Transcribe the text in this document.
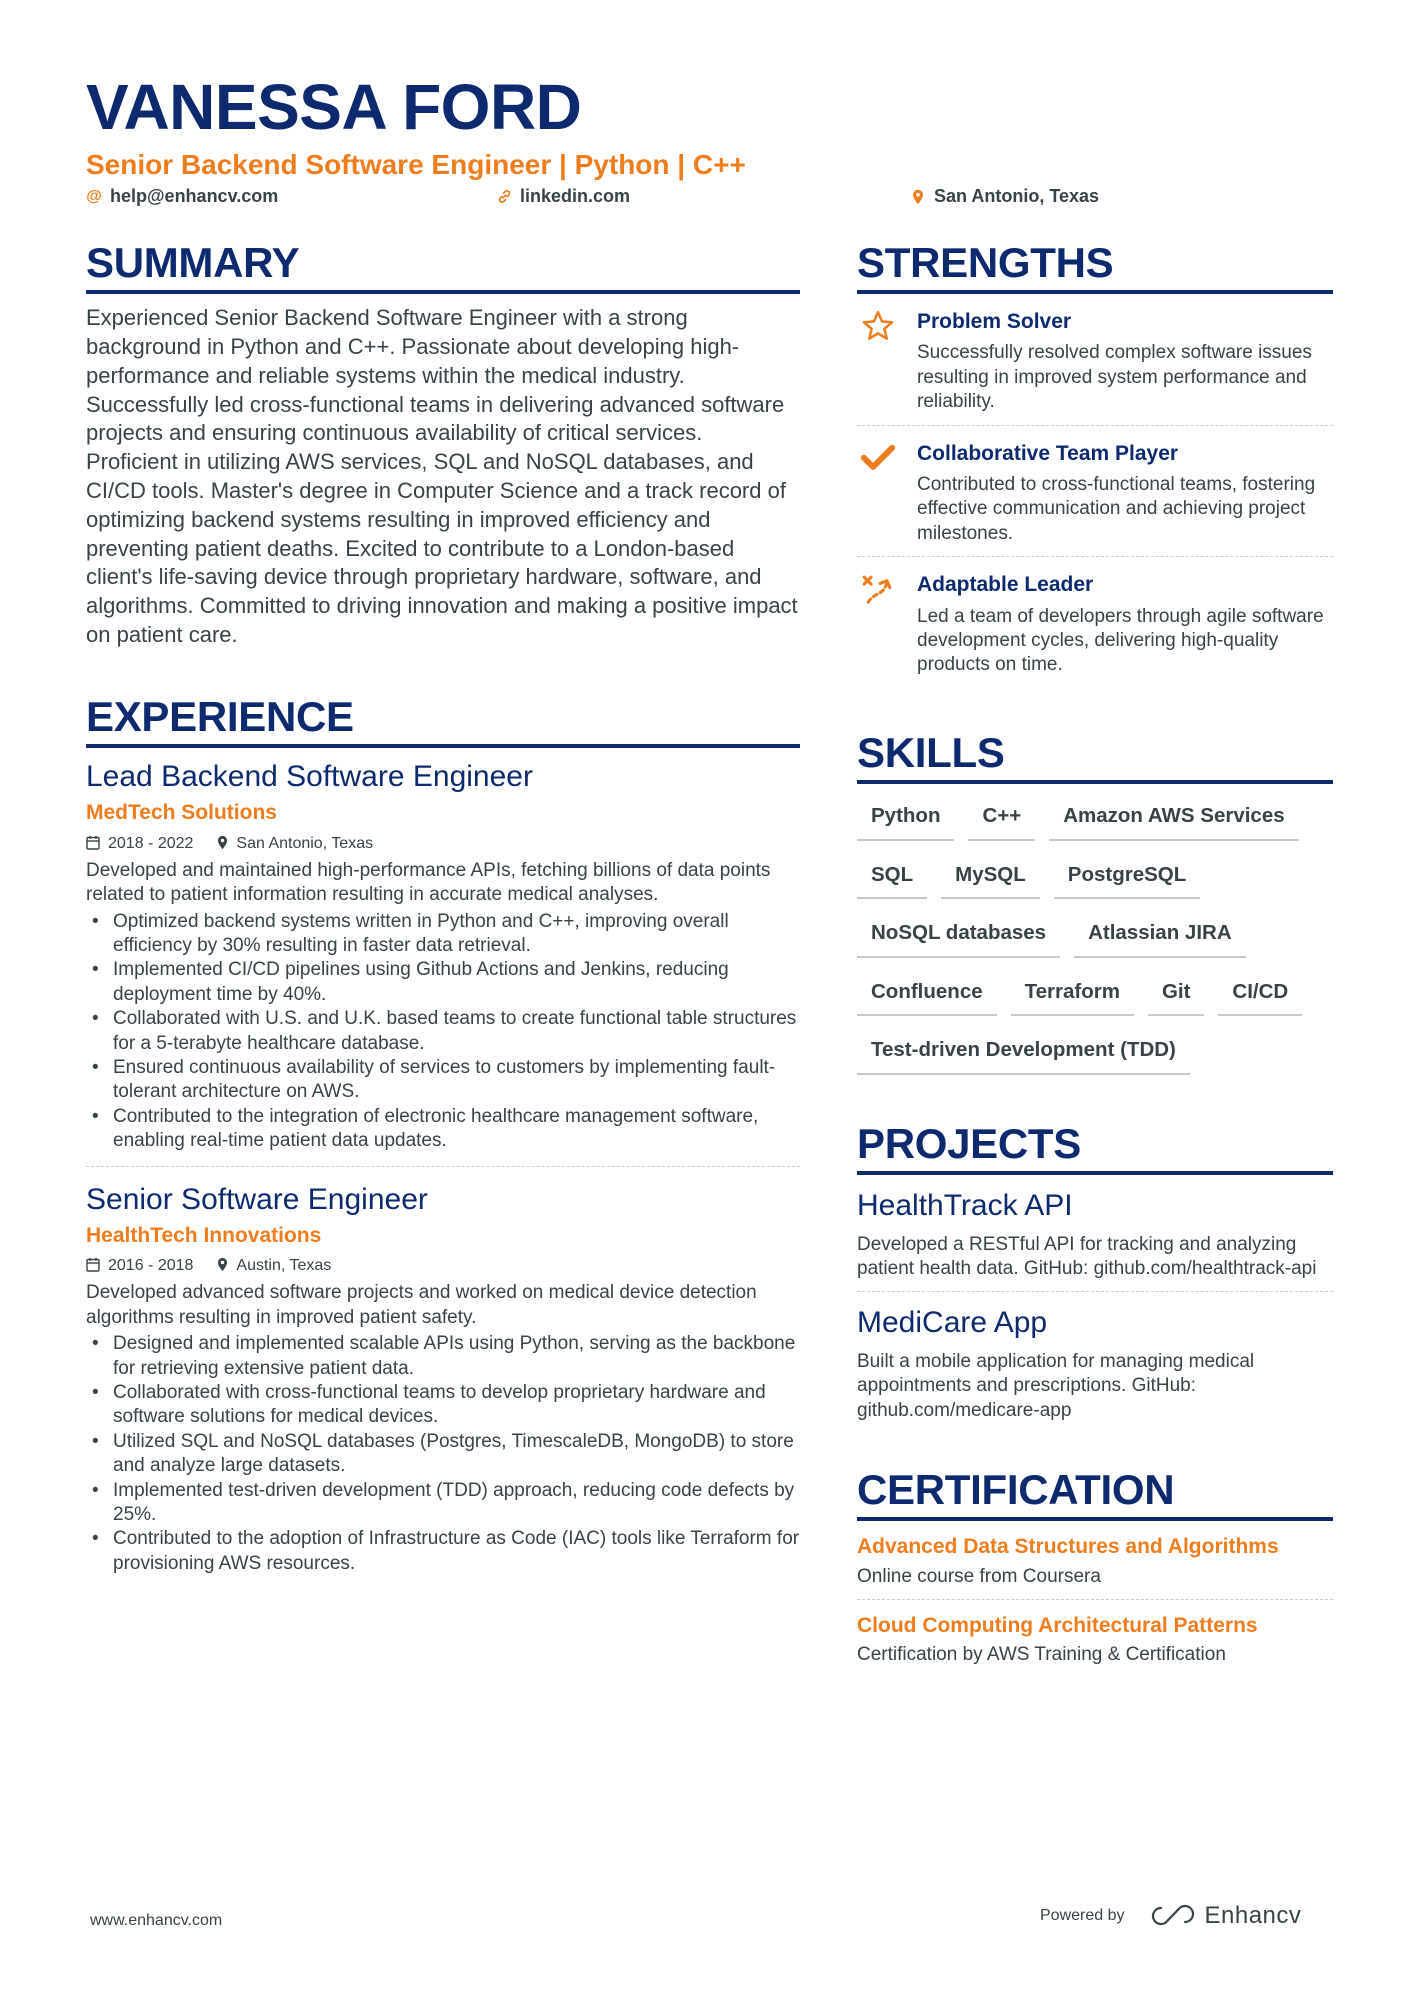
VANESSA FORD
Senior Backend Software Engineer | Python | C++
@ help@enhancv.com	linkedin.com	San Antonio, Texas
SUMMARY

Experienced Senior Backend Software Engineer with a strong background in Python and C++. Passionate about developing high-performance and reliable systems within the medical industry. Successfully led cross-functional teams in delivering advanced software projects and ensuring continuous availability of critical services. Proficient in utilizing AWS services, SQL and NoSQL databases, and CI/CD tools. Master's degree in Computer Science and a track record of optimizing backend systems resulting in improved efficiency and preventing patient deaths. Excited to contribute to a London-based client's life-saving device through proprietary hardware, software, and algorithms. Committed to driving innovation and making a positive impact on patient care.

EXPERIENCE
Lead Backend Software Engineer
MedTech Solutions
2018 - 2022	San Antonio, Texas

Developed and maintained high-performance APIs, fetching billions of data points related to patient information resulting in accurate medical analyses.

• Optimized backend systems written in Python and C++, improving overall efficiency by 30% resulting in faster data retrieval.
• Implemented CI/CD pipelines using Github Actions and Jenkins, reducing deployment time by 40%.
• Collaborated with U.S. and U.K. based teams to create functional table structures for a 5-terabyte healthcare database.
• Ensured continuous availability of services to customers by implementing fault-tolerant architecture on AWS.
• Contributed to the integration of electronic healthcare management software, enabling real-time patient data updates.
Senior Software Engineer
HealthTech Innovations
2016 - 2018	Austin, Texas

Developed advanced software projects and worked on medical device detection algorithms resulting in improved patient safety.

• Designed and implemented scalable APIs using Python, serving as the backbone for retrieving extensive patient data.
• Collaborated with cross-functional teams to develop proprietary hardware and software solutions for medical devices.
• Utilized SQL and NoSQL databases (Postgres, TimescaleDB, MongoDB) to store and analyze large datasets.
• Implemented test-driven development (TDD) approach, reducing code defects by 25%.
• Contributed to the adoption of Infrastructure as Code (IAC) tools like Terraform for provisioning AWS resources.
STRENGTHS
Problem Solver
Successfully resolved complex software issues resulting in improved system performance and reliability.
Collaborative Team Player
Contributed to cross-functional teams, fostering effective communication and achieving project milestones.
Adaptable Leader
Led a team of developers through agile software development cycles, delivering high-quality products on time.
SKILLS
Python	C++	Amazon AWS Services
SQL	MySQL	PostgreSQL
NoSQL databases	Atlassian JIRA
Confluence	Terraform	Git	CI/CD
Test-driven Development (TDD)
PROJECTS
HealthTrack API
Developed a RESTful API for tracking and analyzing patient health data. GitHub: github.com/healthtrack-api
MediCare App
Built a mobile application for managing medical appointments and prescriptions. GitHub: github.com/medicare-app
CERTIFICATION
Advanced Data Structures and Algorithms
Online course from Coursera
Cloud Computing Architectural Patterns
Certification by AWS Training & Certification
www.enhancv.com	Powered by	Enhancv
